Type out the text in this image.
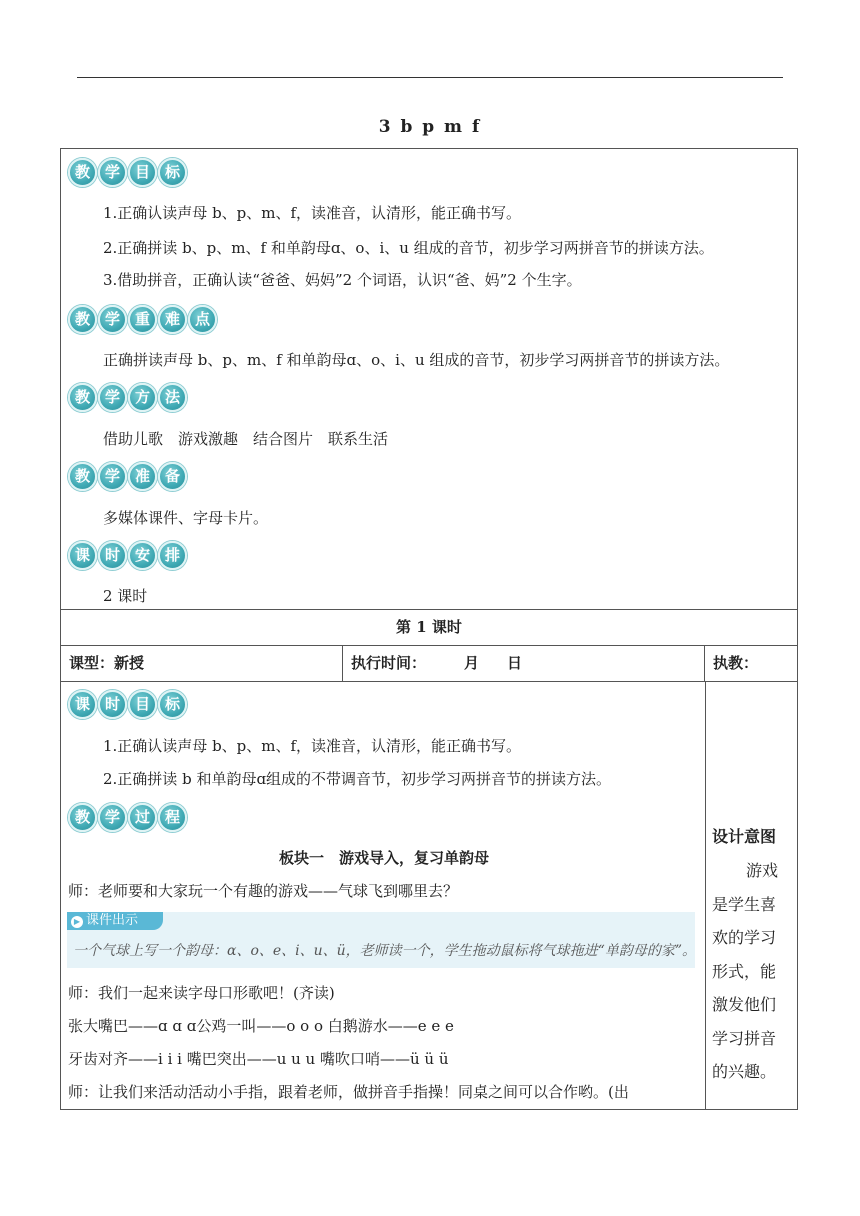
3 b p m f
教 学 目 标
1.正确认读声母 b、p、m、f，读准音，认清形，能正确书写。
2.正确拼读 b、p、m、f 和单韵母ɑ、o、i、u 组成的音节，初步学习两拼音节的拼读方法。
3.借助拼音，正确认读“爸爸、妈妈”2 个词语，认识“爸、妈”2 个生字。
教 学 重 难 点
正确拼读声母 b、p、m、f 和单韵母ɑ、o、i、u 组成的音节，初步学习两拼音节的拼读方法。
教 学 方 法
借助儿歌　游戏激趣　结合图片　联系生活
教 学 准 备
多媒体课件、字母卡片。
课 时 安 排
2 课时
第 1 课时
课型：新授	执行时间：	月 日	执教：
课 时 目 标
1.正确认读声母 b、p、m、f，读准音，认清形，能正确书写。
2.正确拼读 b 和单韵母ɑ组成的不带调音节，初步学习两拼音节的拼读方法。
教 学 过 程
板块一　游戏导入，复习单韵母
师：老师要和大家玩一个有趣的游戏——气球飞到哪里去？
▶ 课件出示
一个气球上写一个韵母：ɑ、o、e、i、u、ü，老师读一个，学生拖动鼠标将气球拖进“单韵母的家”。
师：我们一起来读字母口形歌吧！(齐读)
张大嘴巴——ɑ ɑ ɑ公鸡一叫——o o o 白鹅游水——e e e
牙齿对齐——i i i 嘴巴突出——u u u 嘴吹口哨——ü ü ü
师：让我们来活动活动小手指，跟着老师，做拼音手指操！同桌之间可以合作哟。(出
设计意图
游戏
是学生喜
欢的学习
形式，能
激发他们
学习拼音
的兴趣。
